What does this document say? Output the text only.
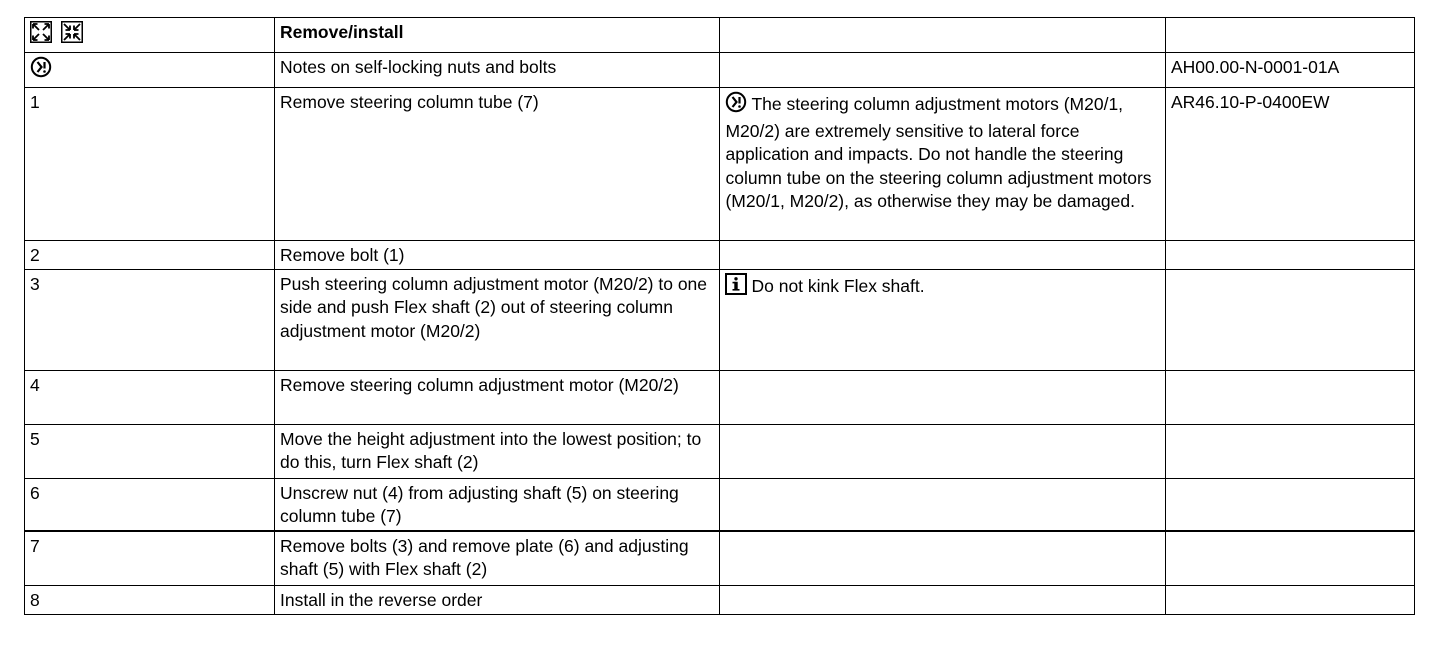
	Remove/install		
	Notes on self-locking nuts and bolts		AH00.00-N-0001-01A
1	Remove steering column tube (7)	The steering column adjustment motors (M20/1, M20/2) are extremely sensitive to lateral force application and impacts. Do not handle the steering column tube on the steering column adjustment motors (M20/1, M20/2), as otherwise they may be damaged.	AR46.10-P-0400EW
2	Remove bolt (1)		
3	Push steering column adjustment motor (M20/2) to one side and push Flex shaft (2) out of steering column adjustment motor (M20/2)	Do not kink Flex shaft.	
4	Remove steering column adjustment motor (M20/2)		
5	Move the height adjustment into the lowest position; to do this, turn Flex shaft (2)		
6	Unscrew nut (4) from adjusting shaft (5) on steering column tube (7)		
7	Remove bolts (3) and remove plate (6) and adjusting shaft (5) with Flex shaft (2)		
8	Install in the reverse order		
